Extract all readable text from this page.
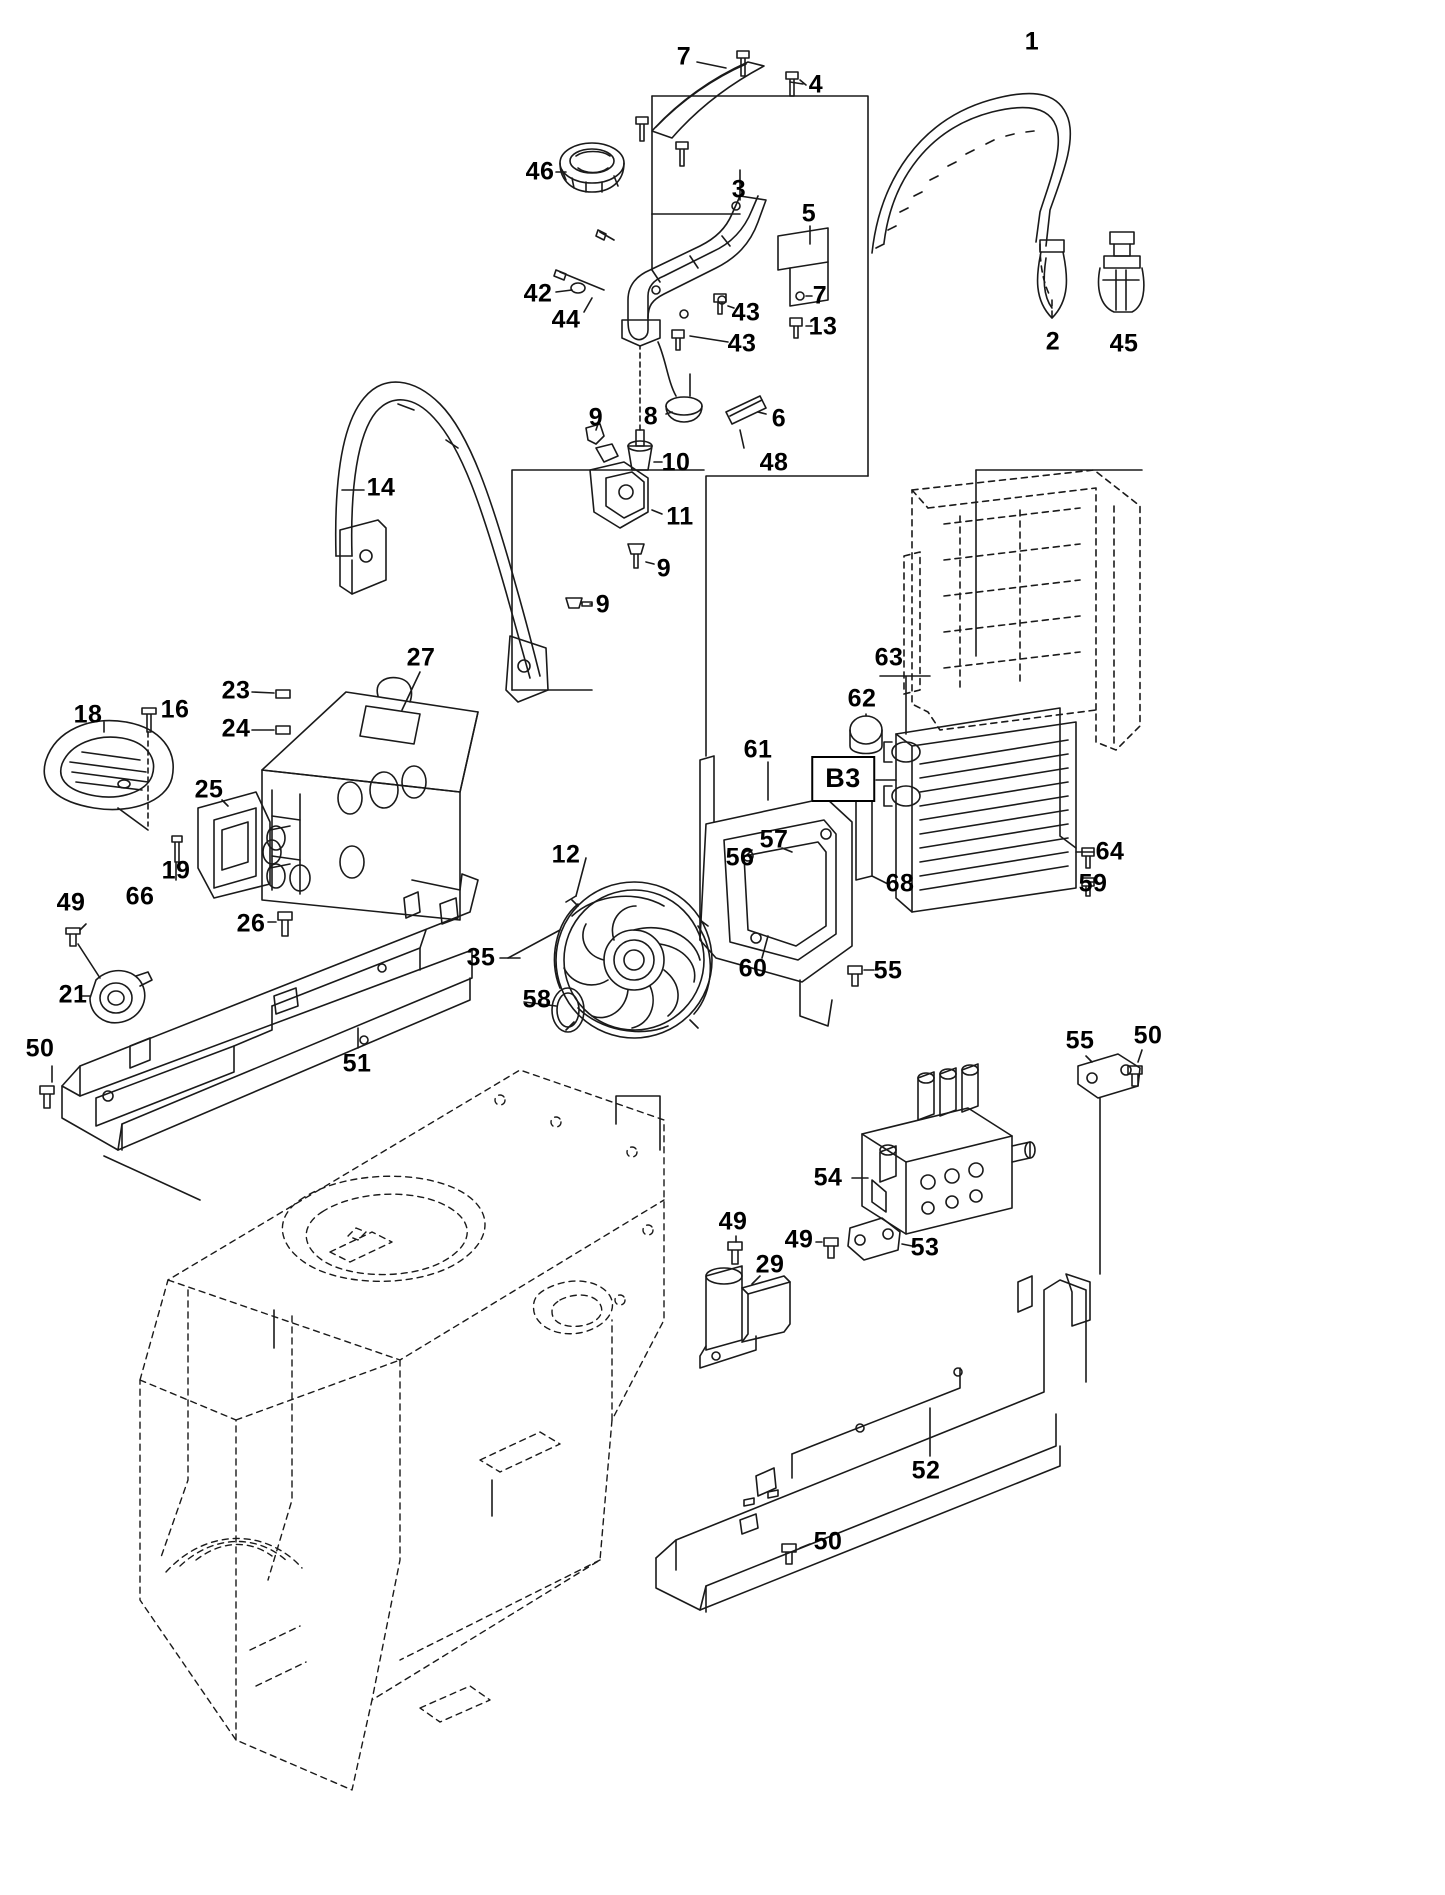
7
1
4
46
3
5
42	7
44	43 13
43	2 45
9 8	6
10	48
14
11
9
9
63
27
62
23
18 16
24
61
B3
25
57
12	56
19
64
68	59
66
49
26
35	60	55
58
21
51
50	55 50
54
49
49	53
29
52
50
